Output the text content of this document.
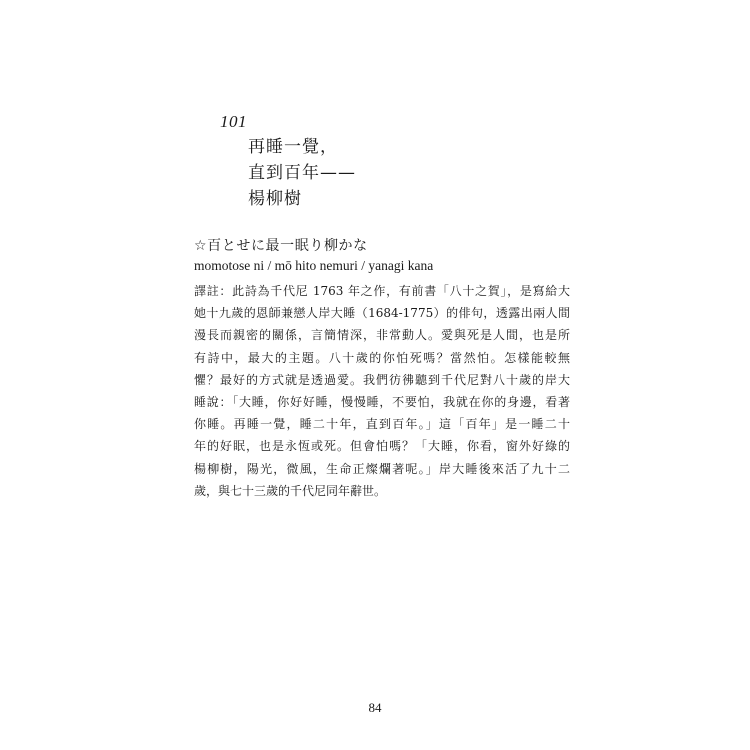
101
再睡一覺，
直到百年——
楊柳樹
☆百とせに最一眠り柳かな
momotose ni / mō hito nemuri / yanagi kana
譯註：此詩為千代尼 1763 年之作，有前書「八十之賀」，是寫給大
她十九歲的恩師兼戀人岸大睡（1684-1775）的俳句，透露出兩人間
漫長而親密的關係，言簡情深，非常動人。愛與死是人間，也是所
有詩中，最大的主題。八十歲的你怕死嗎？當然怕。怎樣能較無
懼？最好的方式就是透過愛。我們彷彿聽到千代尼對八十歲的岸大
睡說：「大睡，你好好睡，慢慢睡，不要怕，我就在你的身邊，看著
你睡。再睡一覺，睡二十年，直到百年。」這「百年」是一睡二十
年的好眠，也是永恆或死。但會怕嗎？「大睡，你看，窗外好綠的
楊柳樹，陽光，微風，生命正燦爛著呢。」岸大睡後來活了九十二
歲，與七十三歲的千代尼同年辭世。
84
